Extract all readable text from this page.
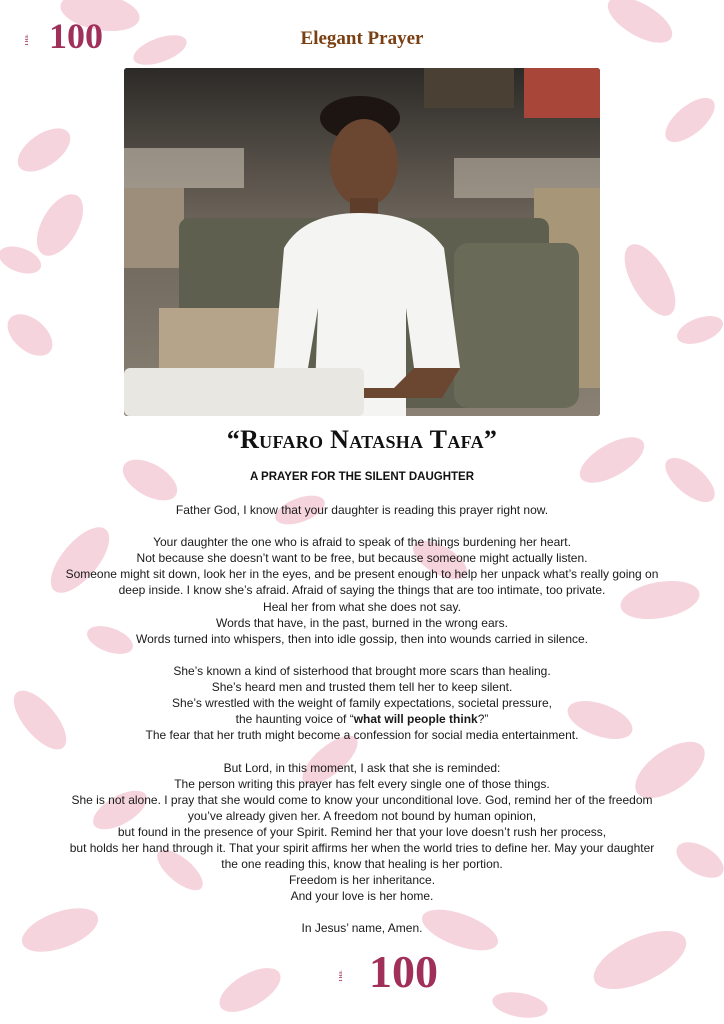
THE 100	Elegant Prayer
“Rufaro Natasha Tafa”
A PRAYER FOR THE SILENT DAUGHTER

Father God, I know that your daughter is reading this prayer right now.

Your daughter the one who is afraid to speak of the things burdening her heart.

Not because she doesn’t want to be free, but because someone might actually listen.

Someone might sit down, look her in the eyes, and be present enough to help her unpack what’s really going on deep inside. I know she’s afraid. Afraid of saying the things that are too intimate, too private.

Heal her from what she does not say.

Words that have, in the past, burned in the wrong ears.

Words turned into whispers, then into idle gossip, then into wounds carried in silence.

She’s known a kind of sisterhood that brought more scars than healing.

She’s heard men and trusted them tell her to keep silent.

She’s wrestled with the weight of family expectations, societal pressure,

the haunting voice of “what will people think?”

The fear that her truth might become a confession for social media entertainment.

But Lord, in this moment, I ask that she is reminded:

The person writing this prayer has felt every single one of those things.

She is not alone. I pray that she would come to know your unconditional love. God, remind her of the freedom you’ve already given her. A freedom not bound by human opinion,

but found in the presence of your Spirit. Remind her that your love doesn’t rush her process,

but holds her hand through it. That your spirit affirms her when the world tries to define her. May your daughter the one reading this, know that healing is her portion.

Freedom is her inheritance.

And your love is her home.

In Jesus’ name, Amen.

THE 100
